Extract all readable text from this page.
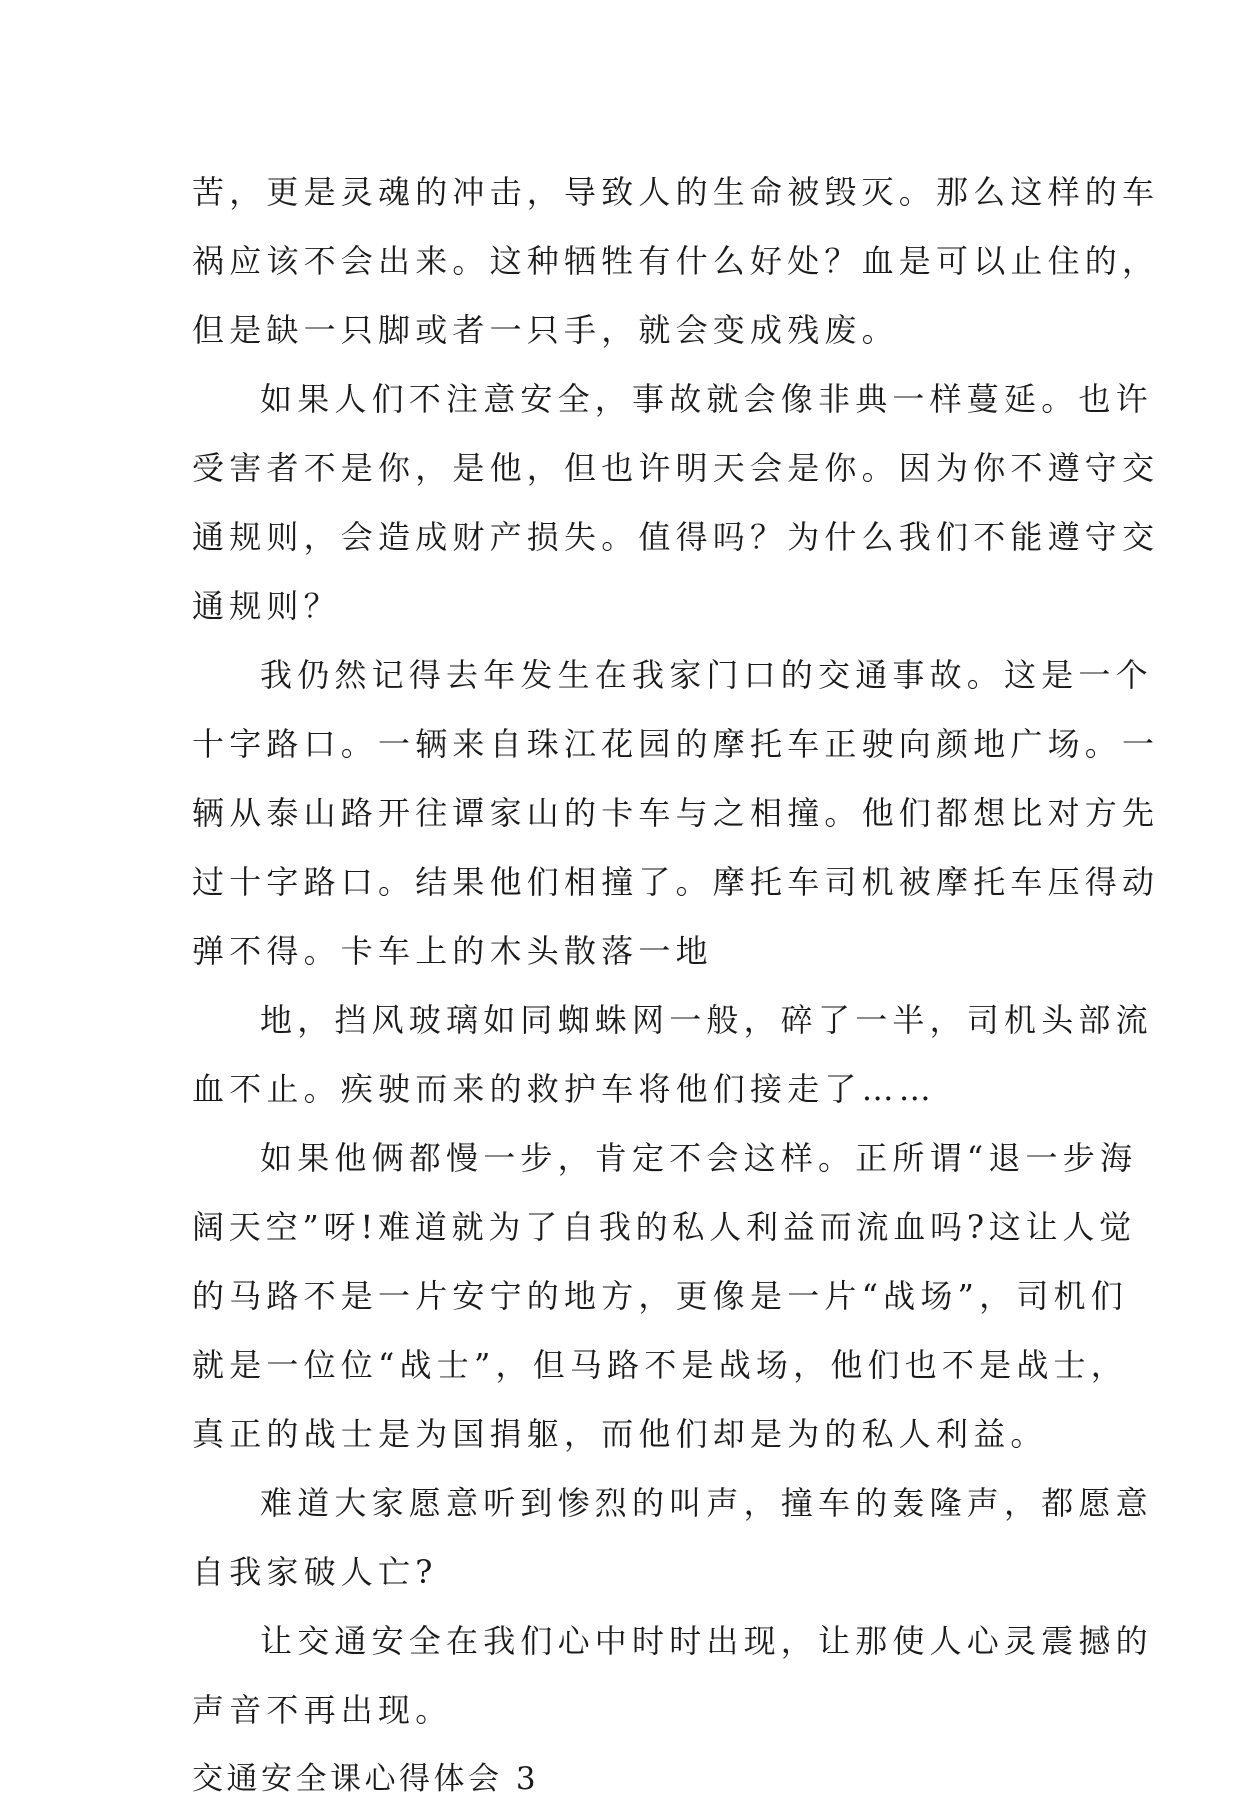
苦，更是灵魂的冲击，导致人的生命被毁灭。那么这样的车
祸应该不会出来。这种牺牲有什么好处？血是可以止住的，
但是缺一只脚或者一只手，就会变成残废。
如果人们不注意安全，事故就会像非典一样蔓延。也许
受害者不是你，是他，但也许明天会是你。因为你不遵守交
通规则，会造成财产损失。值得吗？为什么我们不能遵守交
通规则？
我仍然记得去年发生在我家门口的交通事故。这是一个
十字路口。一辆来自珠江花园的摩托车正驶向颜地广场。一
辆从泰山路开往谭家山的卡车与之相撞。他们都想比对方先
过十字路口。结果他们相撞了。摩托车司机被摩托车压得动
弹不得。卡车上的木头散落一地
地，挡风玻璃如同蜘蛛网一般，碎了一半，司机头部流
血不止。疾驶而来的救护车将他们接走了……
如果他俩都慢一步，肯定不会这样。正所谓“退一步海
阔天空”呀!难道就为了自我的私人利益而流血吗?这让人觉
的马路不是一片安宁的地方，更像是一片“战场”，司机们
就是一位位“战士”，但马路不是战场，他们也不是战士，
真正的战士是为国捐躯，而他们却是为的私人利益。
难道大家愿意听到惨烈的叫声，撞车的轰隆声，都愿意
自我家破人亡?
让交通安全在我们心中时时出现，让那使人心灵震撼的
声音不再出现。
交通安全课心得体会 3
